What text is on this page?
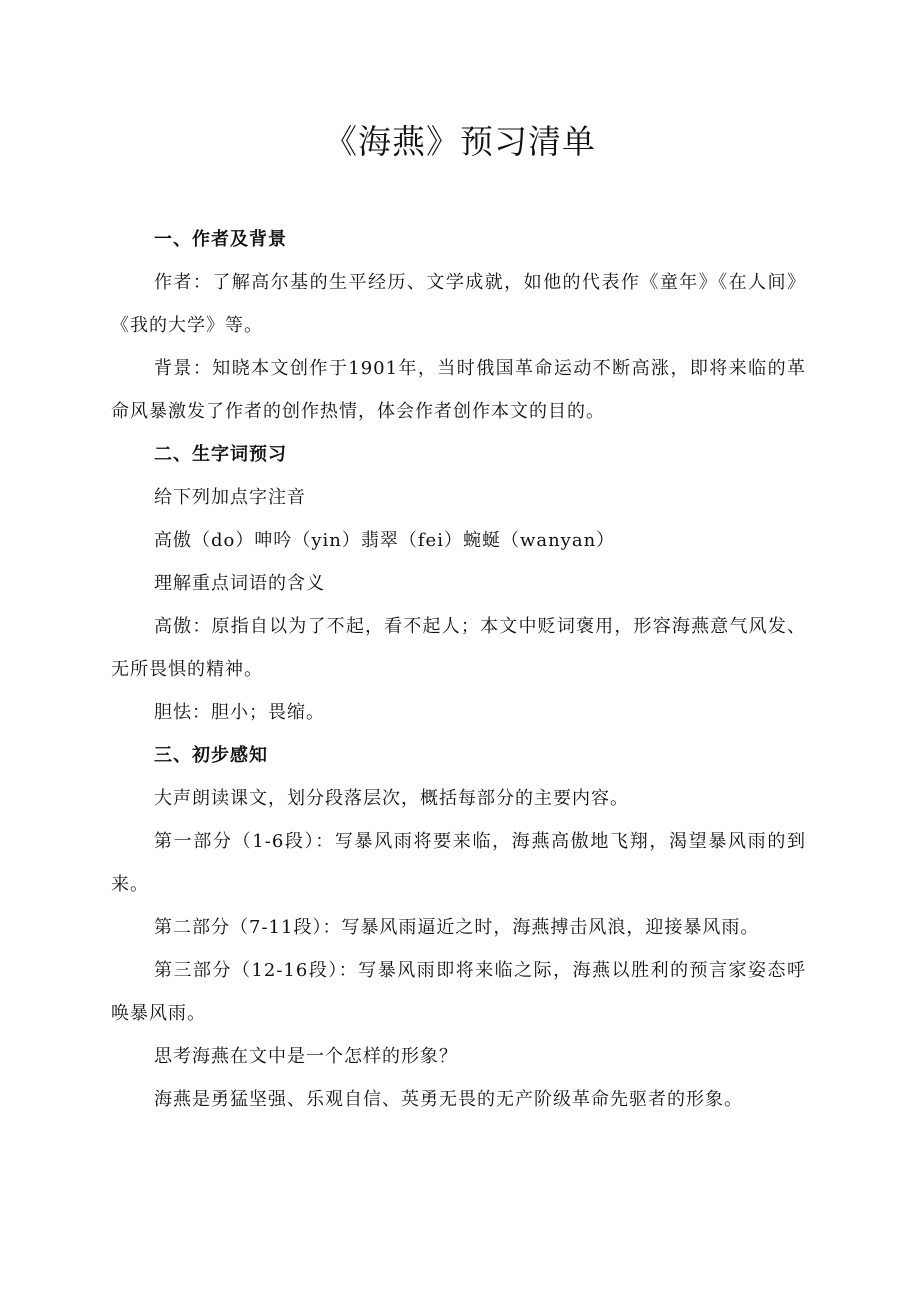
《海燕》预习清单
一、作者及背景

作者：了解高尔基的生平经历、文学成就，如他的代表作《童年》《在人间》《我的大学》等。

背景：知晓本文创作于1901年，当时俄国革命运动不断高涨，即将来临的革命风暴激发了作者的创作热情，体会作者创作本文的目的。

二、生字词预习

给下列加点字注音

高傲（do）呻吟（yin）翡翠（fei）蜿蜒（wanyan）

理解重点词语的含义

高傲：原指自以为了不起，看不起人；本文中贬词褒用，形容海燕意气风发、无所畏惧的精神。

胆怯：胆小；畏缩。

三、初步感知

大声朗读课文，划分段落层次，概括每部分的主要内容。

第一部分（1-6段）：写暴风雨将要来临，海燕高傲地飞翔，渴望暴风雨的到来。

第二部分（7-11段）：写暴风雨逼近之时，海燕搏击风浪，迎接暴风雨。

第三部分（12-16段）：写暴风雨即将来临之际，海燕以胜利的预言家姿态呼唤暴风雨。

思考海燕在文中是一个怎样的形象？

海燕是勇猛坚强、乐观自信、英勇无畏的无产阶级革命先驱者的形象。
